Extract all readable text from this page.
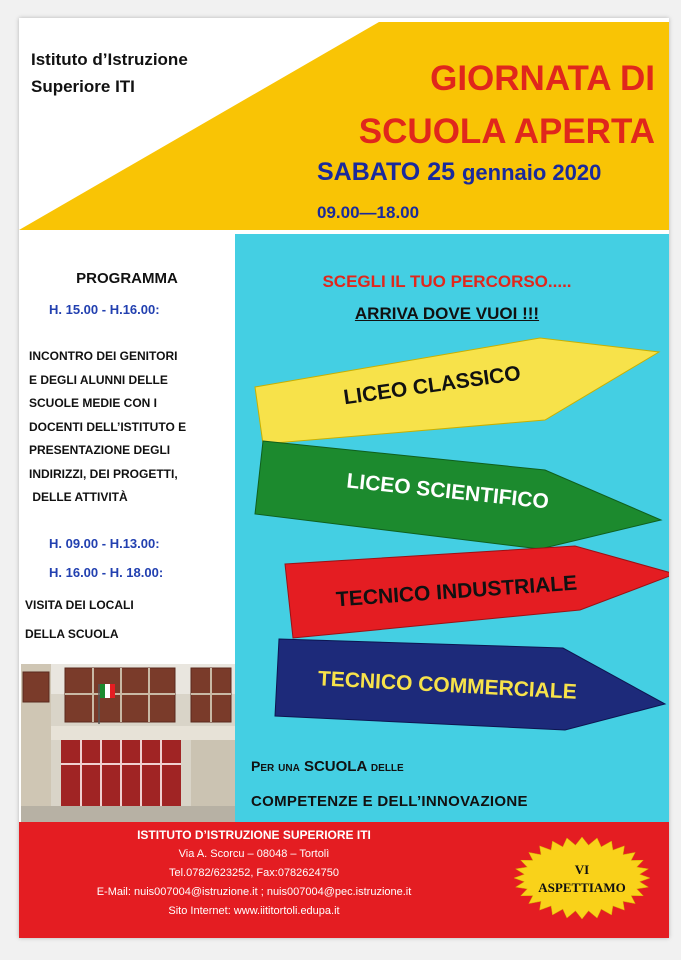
Istituto d’Istruzione
Superiore ITI	GIORNATA DI
SCUOLA APERTA
SABATO 25 gennaio 2020
09.00—18.00
PROGRAMMA
H. 15.00 - H.16.00:
INCONTRO DEI GENITORI
E DEGLI ALUNNI DELLE
SCUOLE MEDIE CON I
DOCENTI DELL’ISTITUTO E
PRESENTAZIONE DEGLI
INDIRIZZI, DEI PROGETTI,
DELLE ATTIVITÀ
H. 09.00 - H.13.00:
H. 16.00 - H. 18.00:
VISITA DEI LOCALI
DELLA SCUOLA
SCEGLI IL TUO PERCORSO.....
ARRIVA DOVE VUOI !!!
LICEO CLASSICO
LICEO SCIENTIFICO
TECNICO INDUSTRIALE
TECNICO COMMERCIALE
Per una SCUOLA delle
COMPETENZE E DELL’INNOVAZIONE
ISTITUTO D’ISTRUZIONE SUPERIORE ITI
Via A. Scorcu – 08048 – Tortolì
Tel.0782/623252, Fax:0782624750
E-Mail: nuis007004@istruzione.it ; nuis007004@pec.istruzione.it
Sito Internet: www.iititortoli.edupa.it
VI
ASPETTIAMO
